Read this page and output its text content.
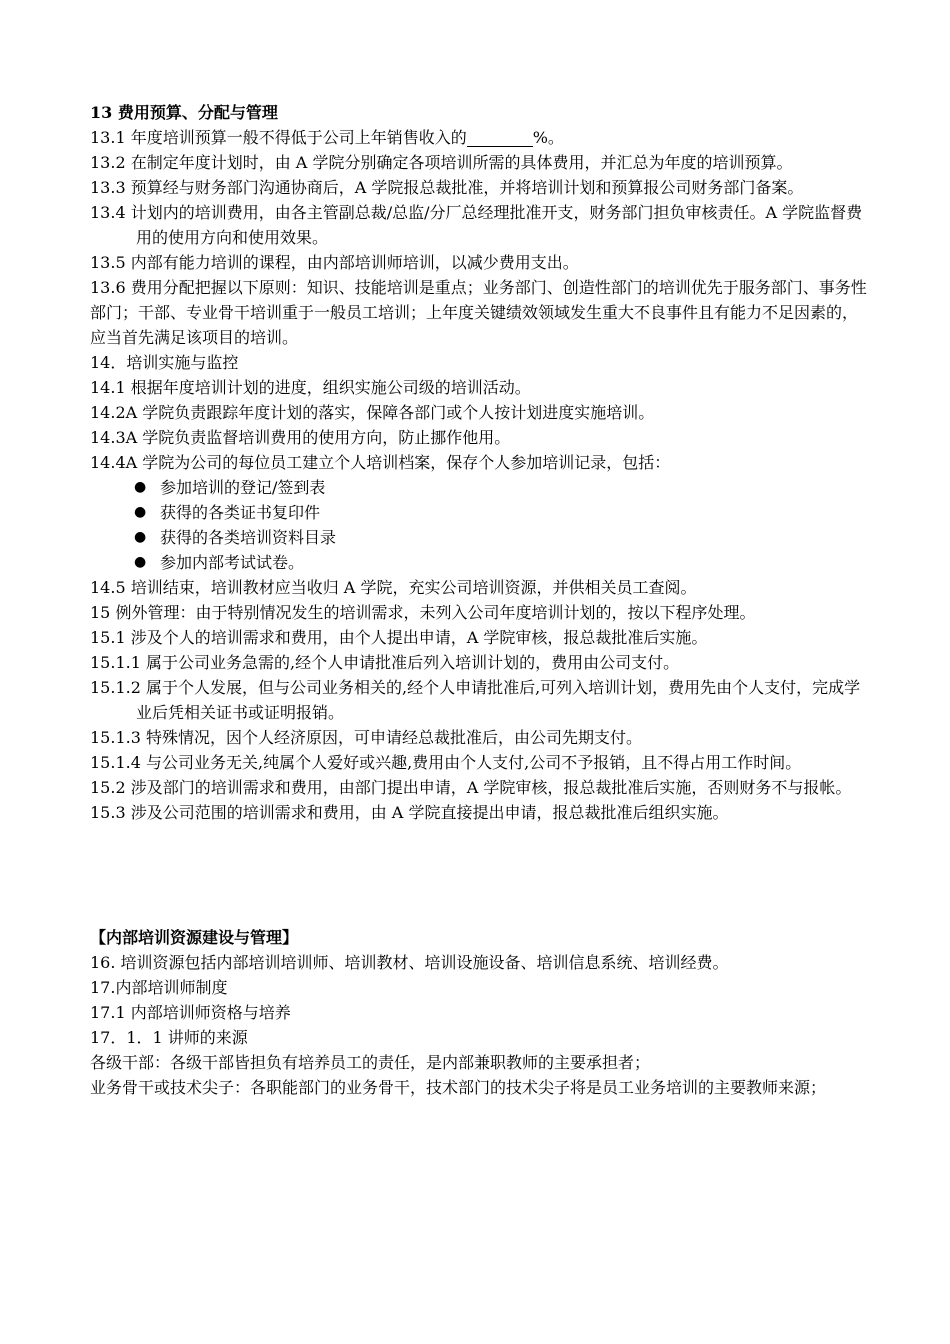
13 费用预算、分配与管理
13.1 年度培训预算一般不得低于公司上年销售收入的	%。
13.2 在制定年度计划时，由 A 学院分别确定各项培训所需的具体费用，并汇总为年度的培训预算。
13.3 预算经与财务部门沟通协商后，A 学院报总裁批准，并将培训计划和预算报公司财务部门备案。
13.4 计划内的培训费用，由各主管副总裁/总监/分厂总经理批准开支，财务部门担负审核责任。A 学院监督费用的使用方向和使用效果。
13.5 内部有能力培训的课程，由内部培训师培训，以减少费用支出。
13.6 费用分配把握以下原则：知识、技能培训是重点；业务部门、创造性部门的培训优先于服务部门、事务性部门；干部、专业骨干培训重于一般员工培训；上年度关键绩效领域发生重大不良事件且有能力不足因素的，应当首先满足该项目的培训。
14．培训实施与监控
14.1 根据年度培训计划的进度，组织实施公司级的培训活动。
14.2A 学院负责跟踪年度计划的落实，保障各部门或个人按计划进度实施培训。
14.3A 学院负责监督培训费用的使用方向，防止挪作他用。
14.4A 学院为公司的每位员工建立个人培训档案，保存个人参加培训记录，包括：
● 参加培训的登记/签到表
● 获得的各类证书复印件
● 获得的各类培训资料目录
● 参加内部考试试卷。
14.5 培训结束，培训教材应当收归 A 学院，充实公司培训资源，并供相关员工查阅。
15 例外管理：由于特别情况发生的培训需求，未列入公司年度培训计划的，按以下程序处理。
15.1 涉及个人的培训需求和费用，由个人提出申请，A 学院审核，报总裁批准后实施。
15.1.1 属于公司业务急需的,经个人申请批准后列入培训计划的，费用由公司支付。
15.1.2 属于个人发展，但与公司业务相关的,经个人申请批准后,可列入培训计划，费用先由个人支付，完成学业后凭相关证书或证明报销。
15.1.3 特殊情况，因个人经济原因，可申请经总裁批准后，由公司先期支付。
15.1.4 与公司业务无关,纯属个人爱好或兴趣,费用由个人支付,公司不予报销，且不得占用工作时间。
15.2 涉及部门的培训需求和费用，由部门提出申请，A 学院审核，报总裁批准后实施，否则财务不与报帐。
15.3 涉及公司范围的培训需求和费用，由 A 学院直接提出申请，报总裁批准后组织实施。
【内部培训资源建设与管理】
16. 培训资源包括内部培训培训师、培训教材、培训设施设备、培训信息系统、培训经费。
17.内部培训师制度
17.1 内部培训师资格与培养
17．1．1 讲师的来源
各级干部：各级干部皆担负有培养员工的责任，是内部兼职教师的主要承担者；
业务骨干或技术尖子：各职能部门的业务骨干，技术部门的技术尖子将是员工业务培训的主要教师来源；
